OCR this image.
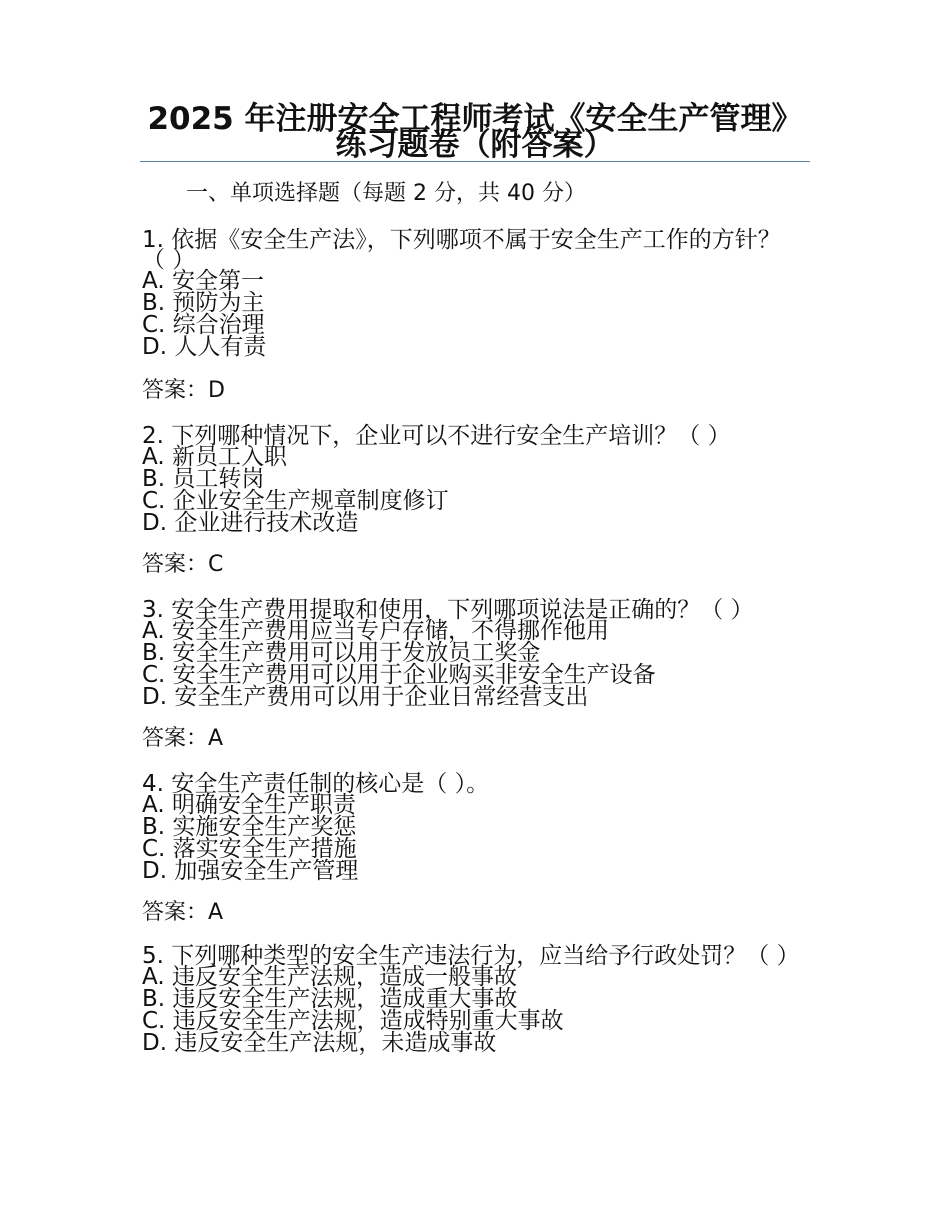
2025 年注册安全工程师考试《安全生产管理》练习题卷（附答案）
一、单项选择题（每题 2 分，共 40 分）

1. 依据《安全生产法》，下列哪项不属于安全生产工作的方针？（ ）

A. 安全第一

B. 预防为主

C. 综合治理

D. 人人有责

答案：D

2. 下列哪种情况下，企业可以不进行安全生产培训？（ ）

A. 新员工入职

B. 员工转岗

C. 企业安全生产规章制度修订

D. 企业进行技术改造

答案：C

3. 安全生产费用提取和使用，下列哪项说法是正确的？（ ）

A. 安全生产费用应当专户存储，不得挪作他用

B. 安全生产费用可以用于发放员工奖金

C. 安全生产费用可以用于企业购买非安全生产设备

D. 安全生产费用可以用于企业日常经营支出

答案：A

4. 安全生产责任制的核心是（ ）。

A. 明确安全生产职责

B. 实施安全生产奖惩

C. 落实安全生产措施

D. 加强安全生产管理

答案：A

5. 下列哪种类型的安全生产违法行为，应当给予行政处罚？（ ）

A. 违反安全生产法规，造成一般事故

B. 违反安全生产法规，造成重大事故

C. 违反安全生产法规，造成特别重大事故

D. 违反安全生产法规，未造成事故
